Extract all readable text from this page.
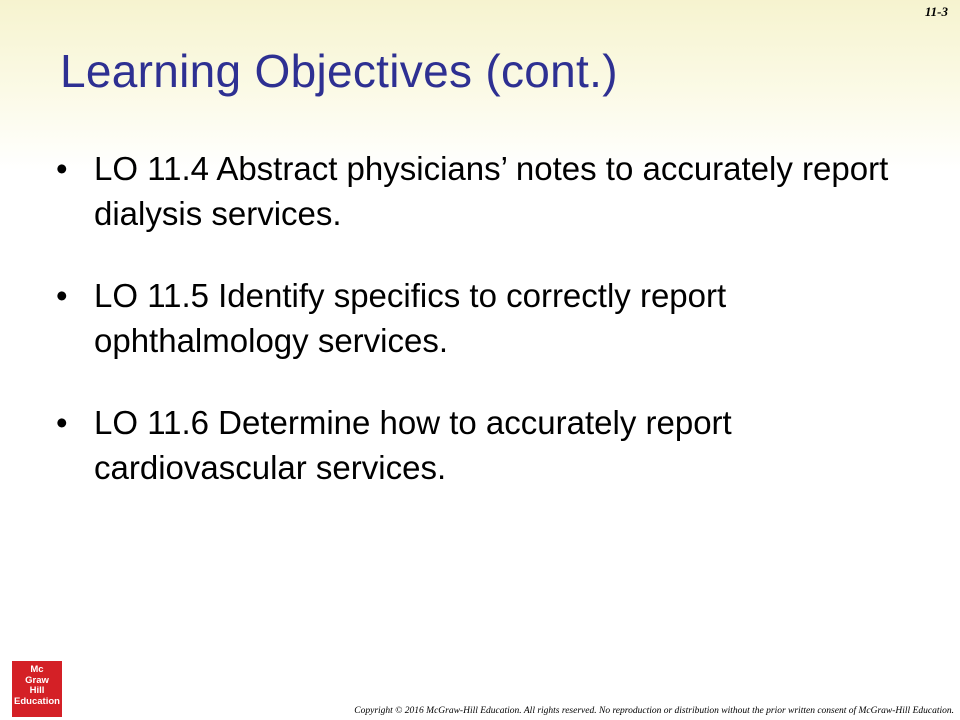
11-3
Learning Objectives (cont.)
• LO 11.4 Abstract physicians’ notes to accurately report dialysis services.
• LO 11.5 Identify specifics to correctly report ophthalmology services.
• LO 11.6 Determine how to accurately report cardiovascular services.
Mc
Graw
Hill
Education
Copyright © 2016 McGraw-Hill Education. All rights reserved. No reproduction or distribution without the prior written consent of McGraw-Hill Education.
